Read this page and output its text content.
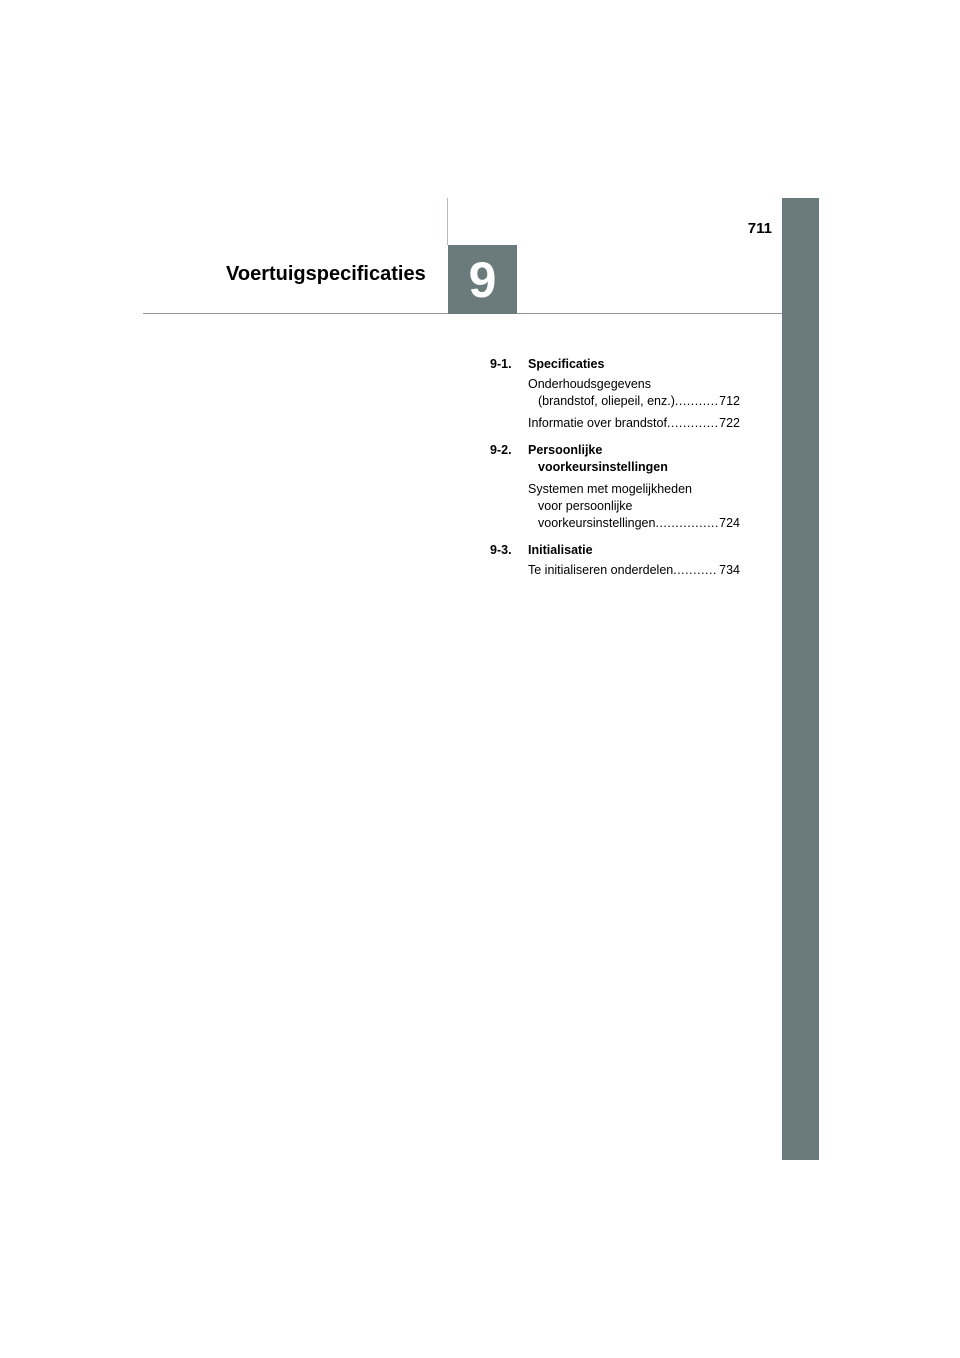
9
711
Voertuigspecificaties
9-1.	Specificaties
Onderhoudsgegevens
(brandstof, oliepeil, enz.) .....	712
Informatie over brandstof .....	722
9-2.	Persoonlijke

voorkeursinstellingen
Systemen met mogelijkheden
voor persoonlijke
voorkeursinstellingen .....	724
9-3.	Initialisatie
Te initialiseren onderdelen .....	734
